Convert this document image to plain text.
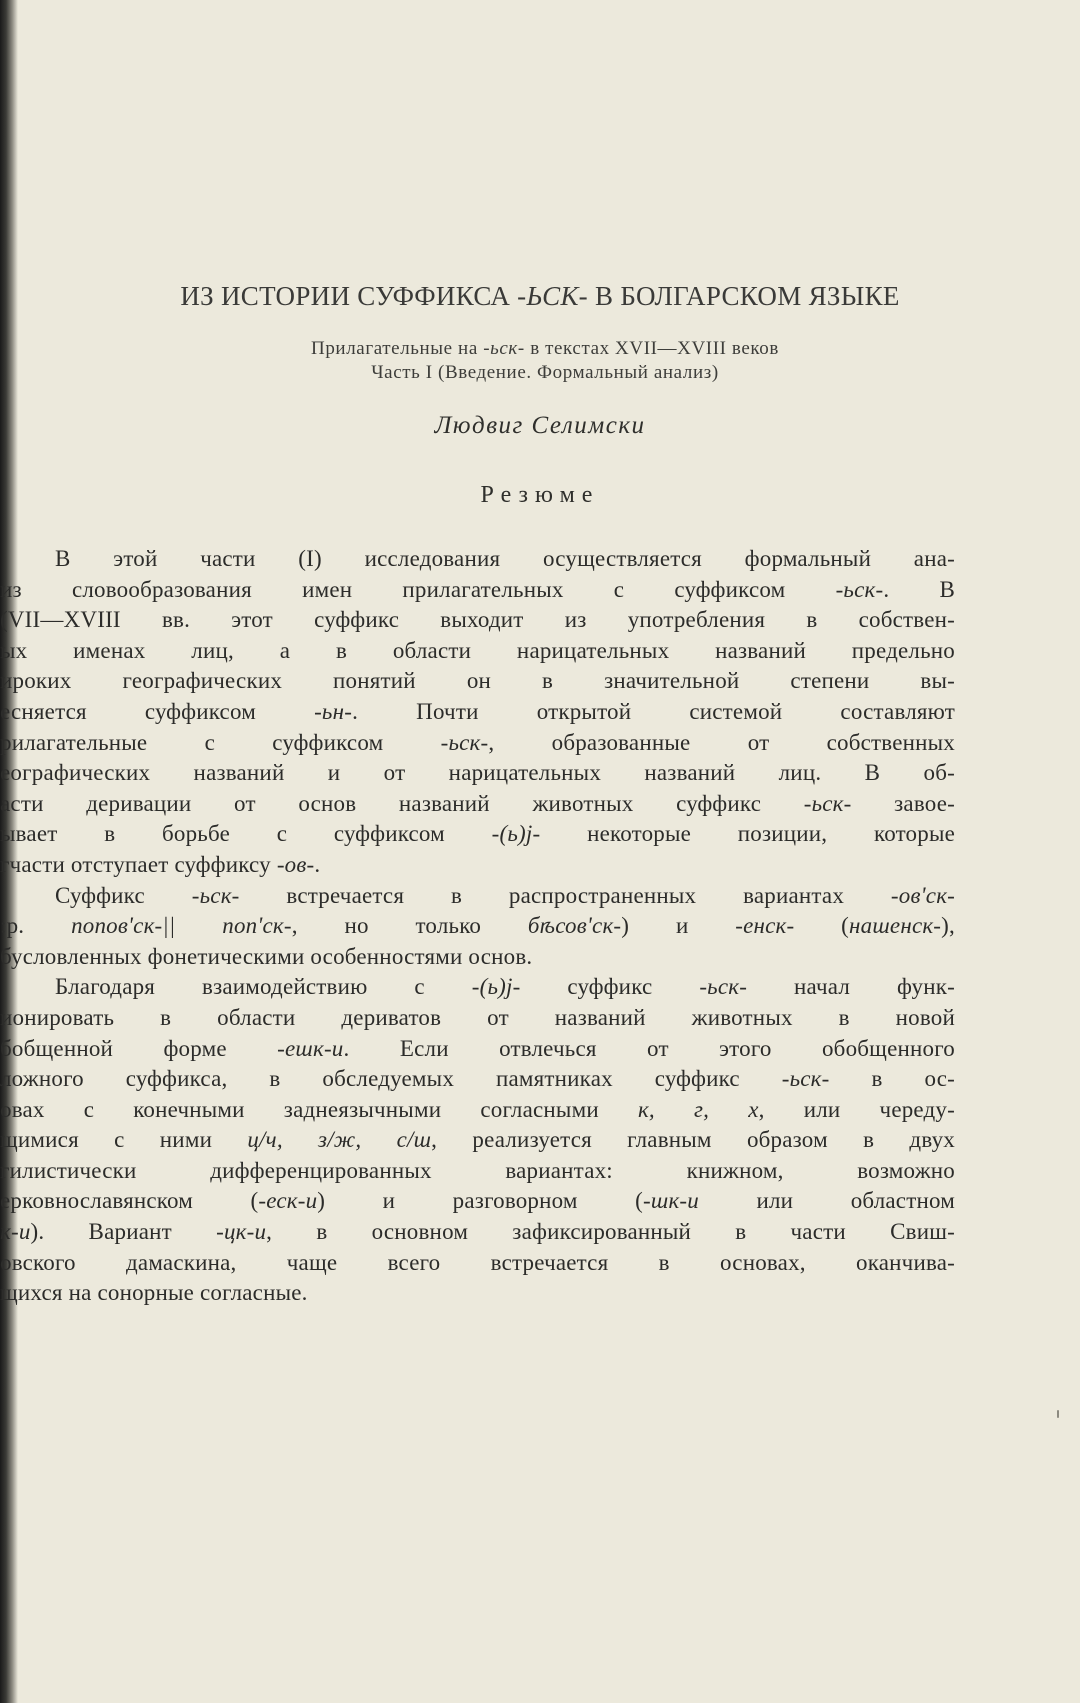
ИЗ ИСТОРИИ СУФФИКСА -ЬСК- В БОЛГАРСКОМ ЯЗЫКЕ
Прилагательные на -ьск- в текстах XVII—XVIII веков
Часть I (Введение. Формальный анализ)
Людвиг Селимски
Резюме
В этой части (I) исследования осуществляется формальный ана-
из словообразования имен прилагательных с суффиксом -ьск-. В
(VII—XVIII вв. этот суффикс выходит из употребления в собствен-
ых именах лиц, а в области нарицательных названий предельно
ироких географических понятий он в значительной степени вы-
есняется суффиксом -ьн-. Почти открытой системой составляют
рилагательные с суффиксом -ьск-, образованные от собственных
еографических названий и от нарицательных названий лиц. В об-
асти деривации от основ названий животных суффикс -ьск- завое-
ывает в борьбе с суффиксом -(ь)j- некоторые позиции, которые
гчасти отступает суффиксу -ов-.
Суффикс -ьск- встречается в распространенных вариантах -ов'ск-
:р. попов'ск-|| поп'ск-, но только бѣсов'ск-) и -енск- (нашенск-),
бусловленных фонетическими особенностями основ.
Благодаря взаимодействию с -(ь)j- суффикс -ьск- начал функ-
ионировать в области дериватов от названий животных в новой
бобщенной форме -ешк-и. Если отвлечься от этого обобщенного
ложного суффикса, в обследуемых памятниках суффикс -ьск- в ос-
овах с конечными заднеязычными согласными к, г, х, или череду-
щимися с ними ц/ч, з/ж, с/ш, реализуется главным образом в двух
гилистически дифференцированных вариантах: книжном, возможно
ерковнославянском (-еск-и) и разговорном (-шк-и или областном
к-и). Вариант -цк-и, в основном зафиксированный в части Свиш-
овского дамаскина, чаще всего встречается в основах, оканчива-
щихся на сонорные согласные.
